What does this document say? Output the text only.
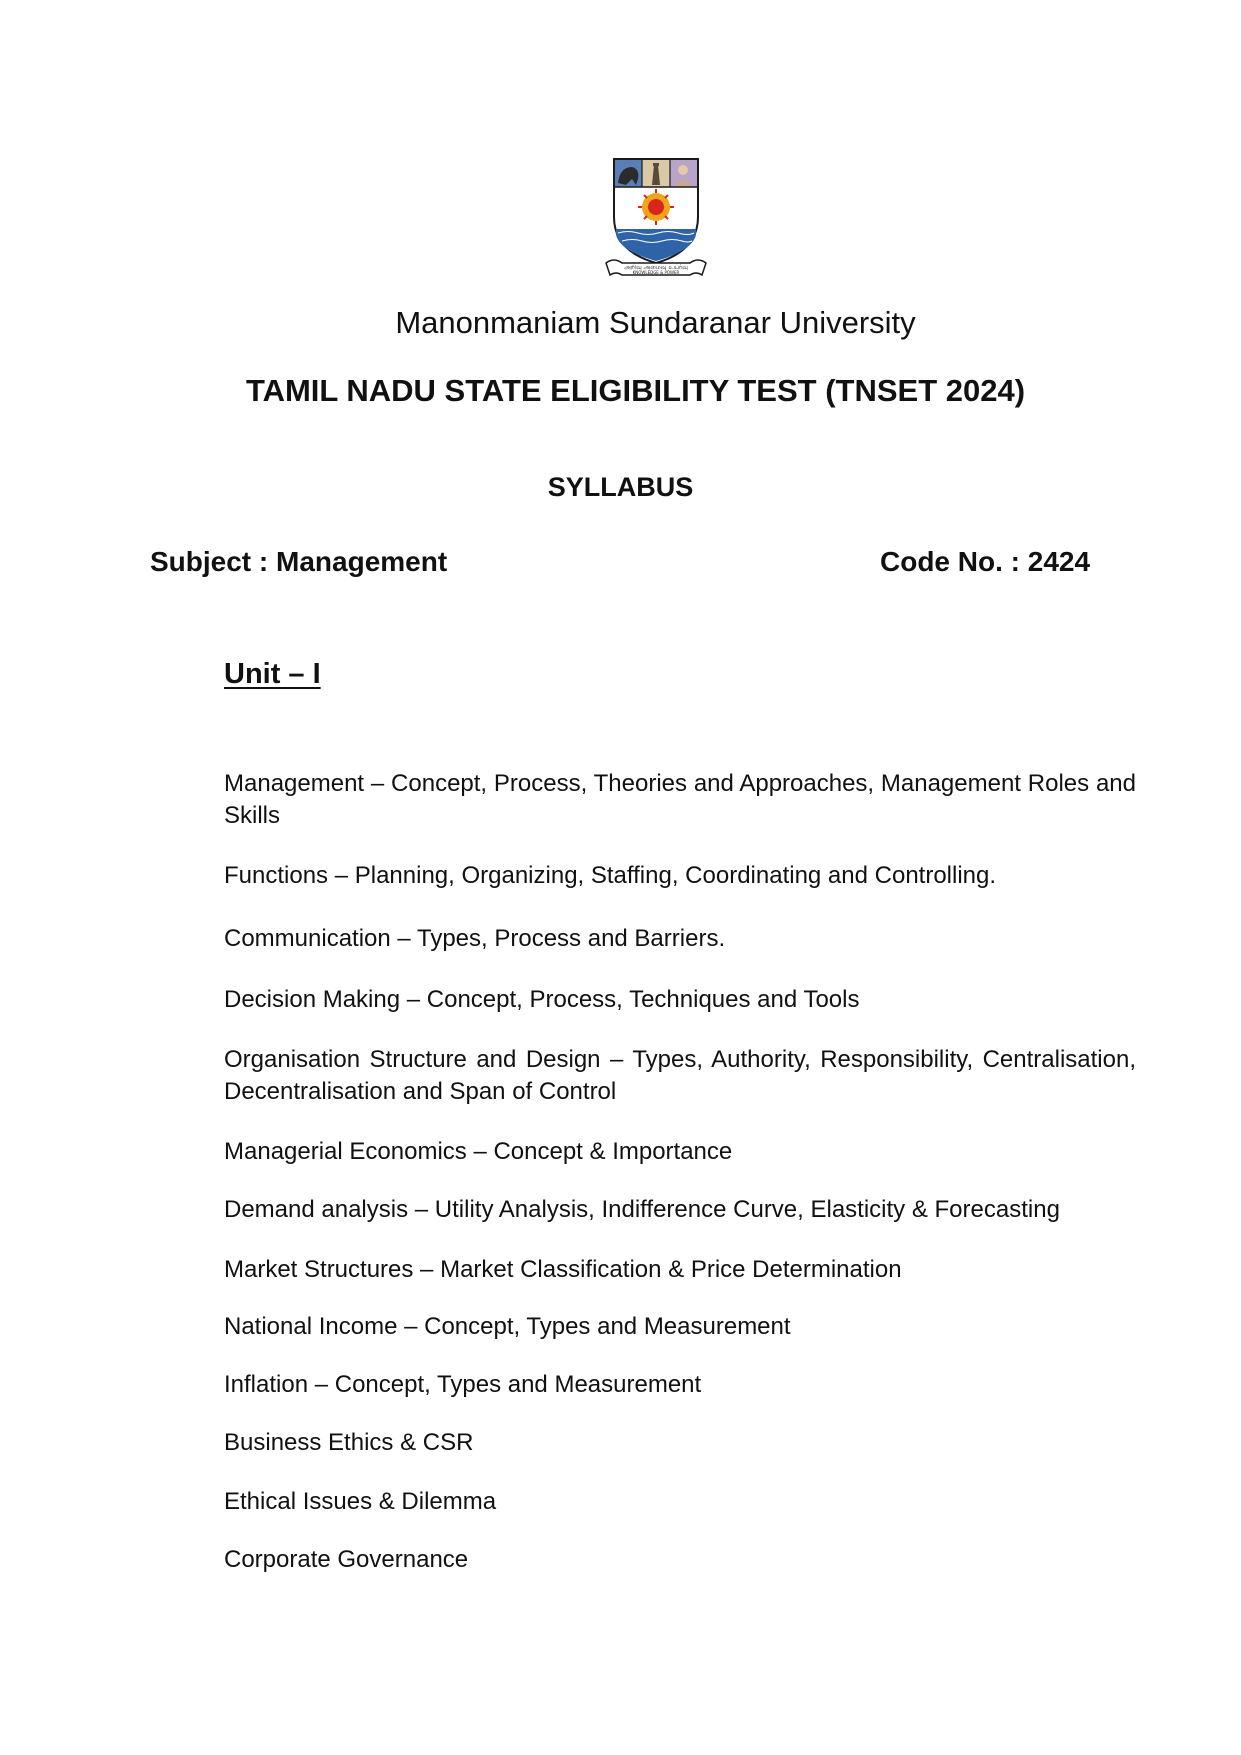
அறிவு அமைவு உயர்வு
KNOWLEDGE & POWER
Manonmaniam Sundaranar University
TAMIL NADU STATE ELIGIBILITY TEST (TNSET 2024)
SYLLABUS
Subject : Management	Code No. : 2424
Unit – I
Management – Concept, Process, Theories and Approaches, Management Roles and Skills
Functions – Planning, Organizing, Staffing, Coordinating and Controlling.
Communication – Types, Process and Barriers.
Decision Making – Concept, Process, Techniques and Tools
Organisation Structure and Design – Types, Authority, Responsibility, Centralisation, Decentralisation and Span of Control
Managerial Economics – Concept & Importance
Demand analysis – Utility Analysis, Indifference Curve, Elasticity & Forecasting
Market Structures – Market Classification & Price Determination
National Income – Concept, Types and Measurement
Inflation – Concept, Types and Measurement
Business Ethics & CSR
Ethical Issues & Dilemma
Corporate Governance
